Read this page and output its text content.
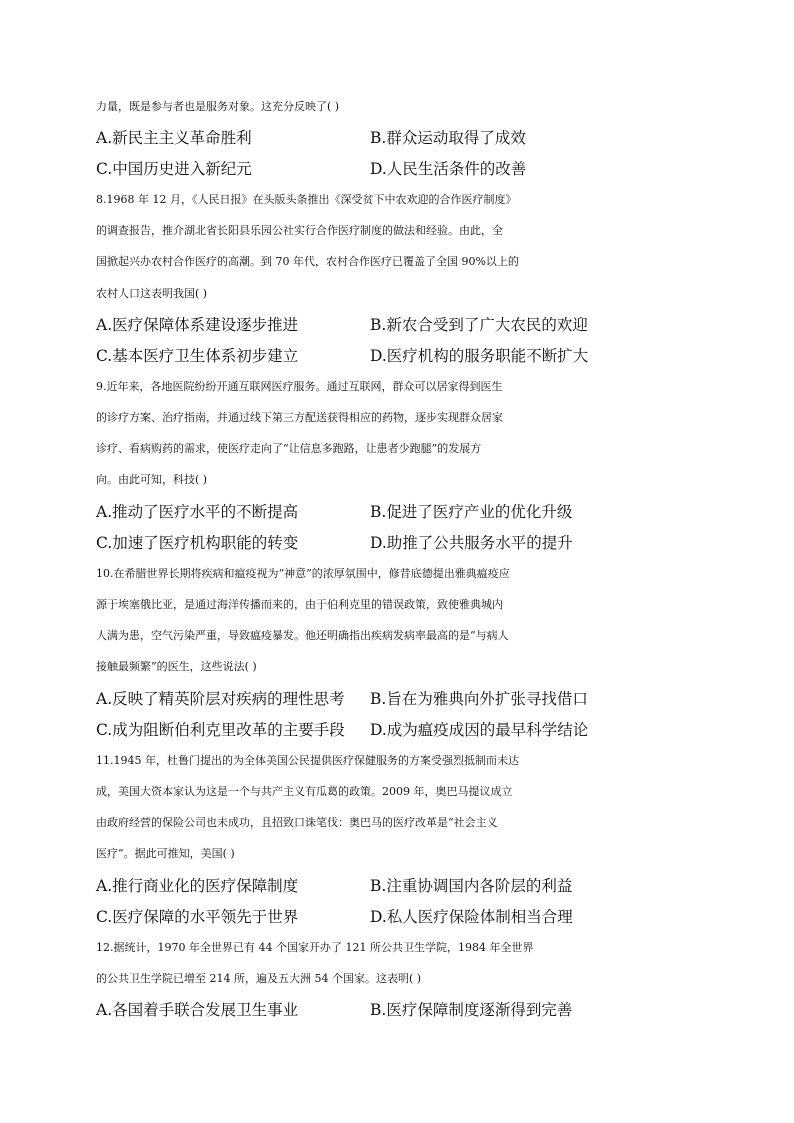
力量，既是参与者也是服务对象。这充分反映了( )
A.新民主主义革命胜利	B.群众运动取得了成效
C.中国历史进入新纪元	D.人民生活条件的改善
8.1968 年 12 月，《人民日报》在头版头条推出《深受贫下中农欢迎的合作医疗制度》
的调查报告，推介湖北省长阳县乐园公社实行合作医疗制度的做法和经验。由此，全
国掀起兴办农村合作医疗的高潮。到 70 年代，农村合作医疗已覆盖了全国 90%以上的
农村人口这表明我国( )
A.医疗保障体系建设逐步推进	B.新农合受到了广大农民的欢迎
C.基本医疗卫生体系初步建立	D.医疗机构的服务职能不断扩大
9.近年来，各地医院纷纷开通互联网医疗服务。通过互联网，群众可以居家得到医生
的诊疗方案、治疗指南，并通过线下第三方配送获得相应的药物，逐步实现群众居家
诊疗、看病购药的需求，使医疗走向了“让信息多跑路，让患者少跑腿”的发展方
向。由此可知，科技( )
A.推动了医疗水平的不断提高	B.促进了医疗产业的优化升级
C.加速了医疗机构职能的转变	D.助推了公共服务水平的提升
10.在希腊世界长期将疾病和瘟疫视为“神意”的浓厚氛围中，修昔底德提出雅典瘟疫应
源于埃塞俄比亚，是通过海洋传播而来的，由于伯利克里的错误政策，致使雅典城内
人满为患，空气污染严重，导致瘟疫暴发。他还明确指出疾病发病率最高的是“与病人
接触最频繁”的医生，这些说法( )
A.反映了精英阶层对疾病的理性思考 B.旨在为雅典向外扩张寻找借口
C.成为阻断伯利克里改革的主要手段 D.成为瘟疫成因的最早科学结论
11.1945 年，杜鲁门提出的为全体美国公民提供医疗保健服务的方案受强烈抵制而未达
成，美国大资本家认为这是一个与共产主义有瓜葛的政策。2009 年，奥巴马提议成立
由政府经营的保险公司也未成功，且招致口诛笔伐：奥巴马的医疗改革是“社会主义
医疗”。据此可推知，美国( )
A.推行商业化的医疗保障制度	B.注重协调国内各阶层的利益
C.医疗保障的水平领先于世界	D.私人医疗保险体制相当合理
12.据统计，1970 年全世界已有 44 个国家开办了 121 所公共卫生学院，1984 年全世界
的公共卫生学院已增至 214 所，遍及五大洲 54 个国家。这表明( )
A.各国着手联合发展卫生事业	B.医疗保障制度逐渐得到完善
